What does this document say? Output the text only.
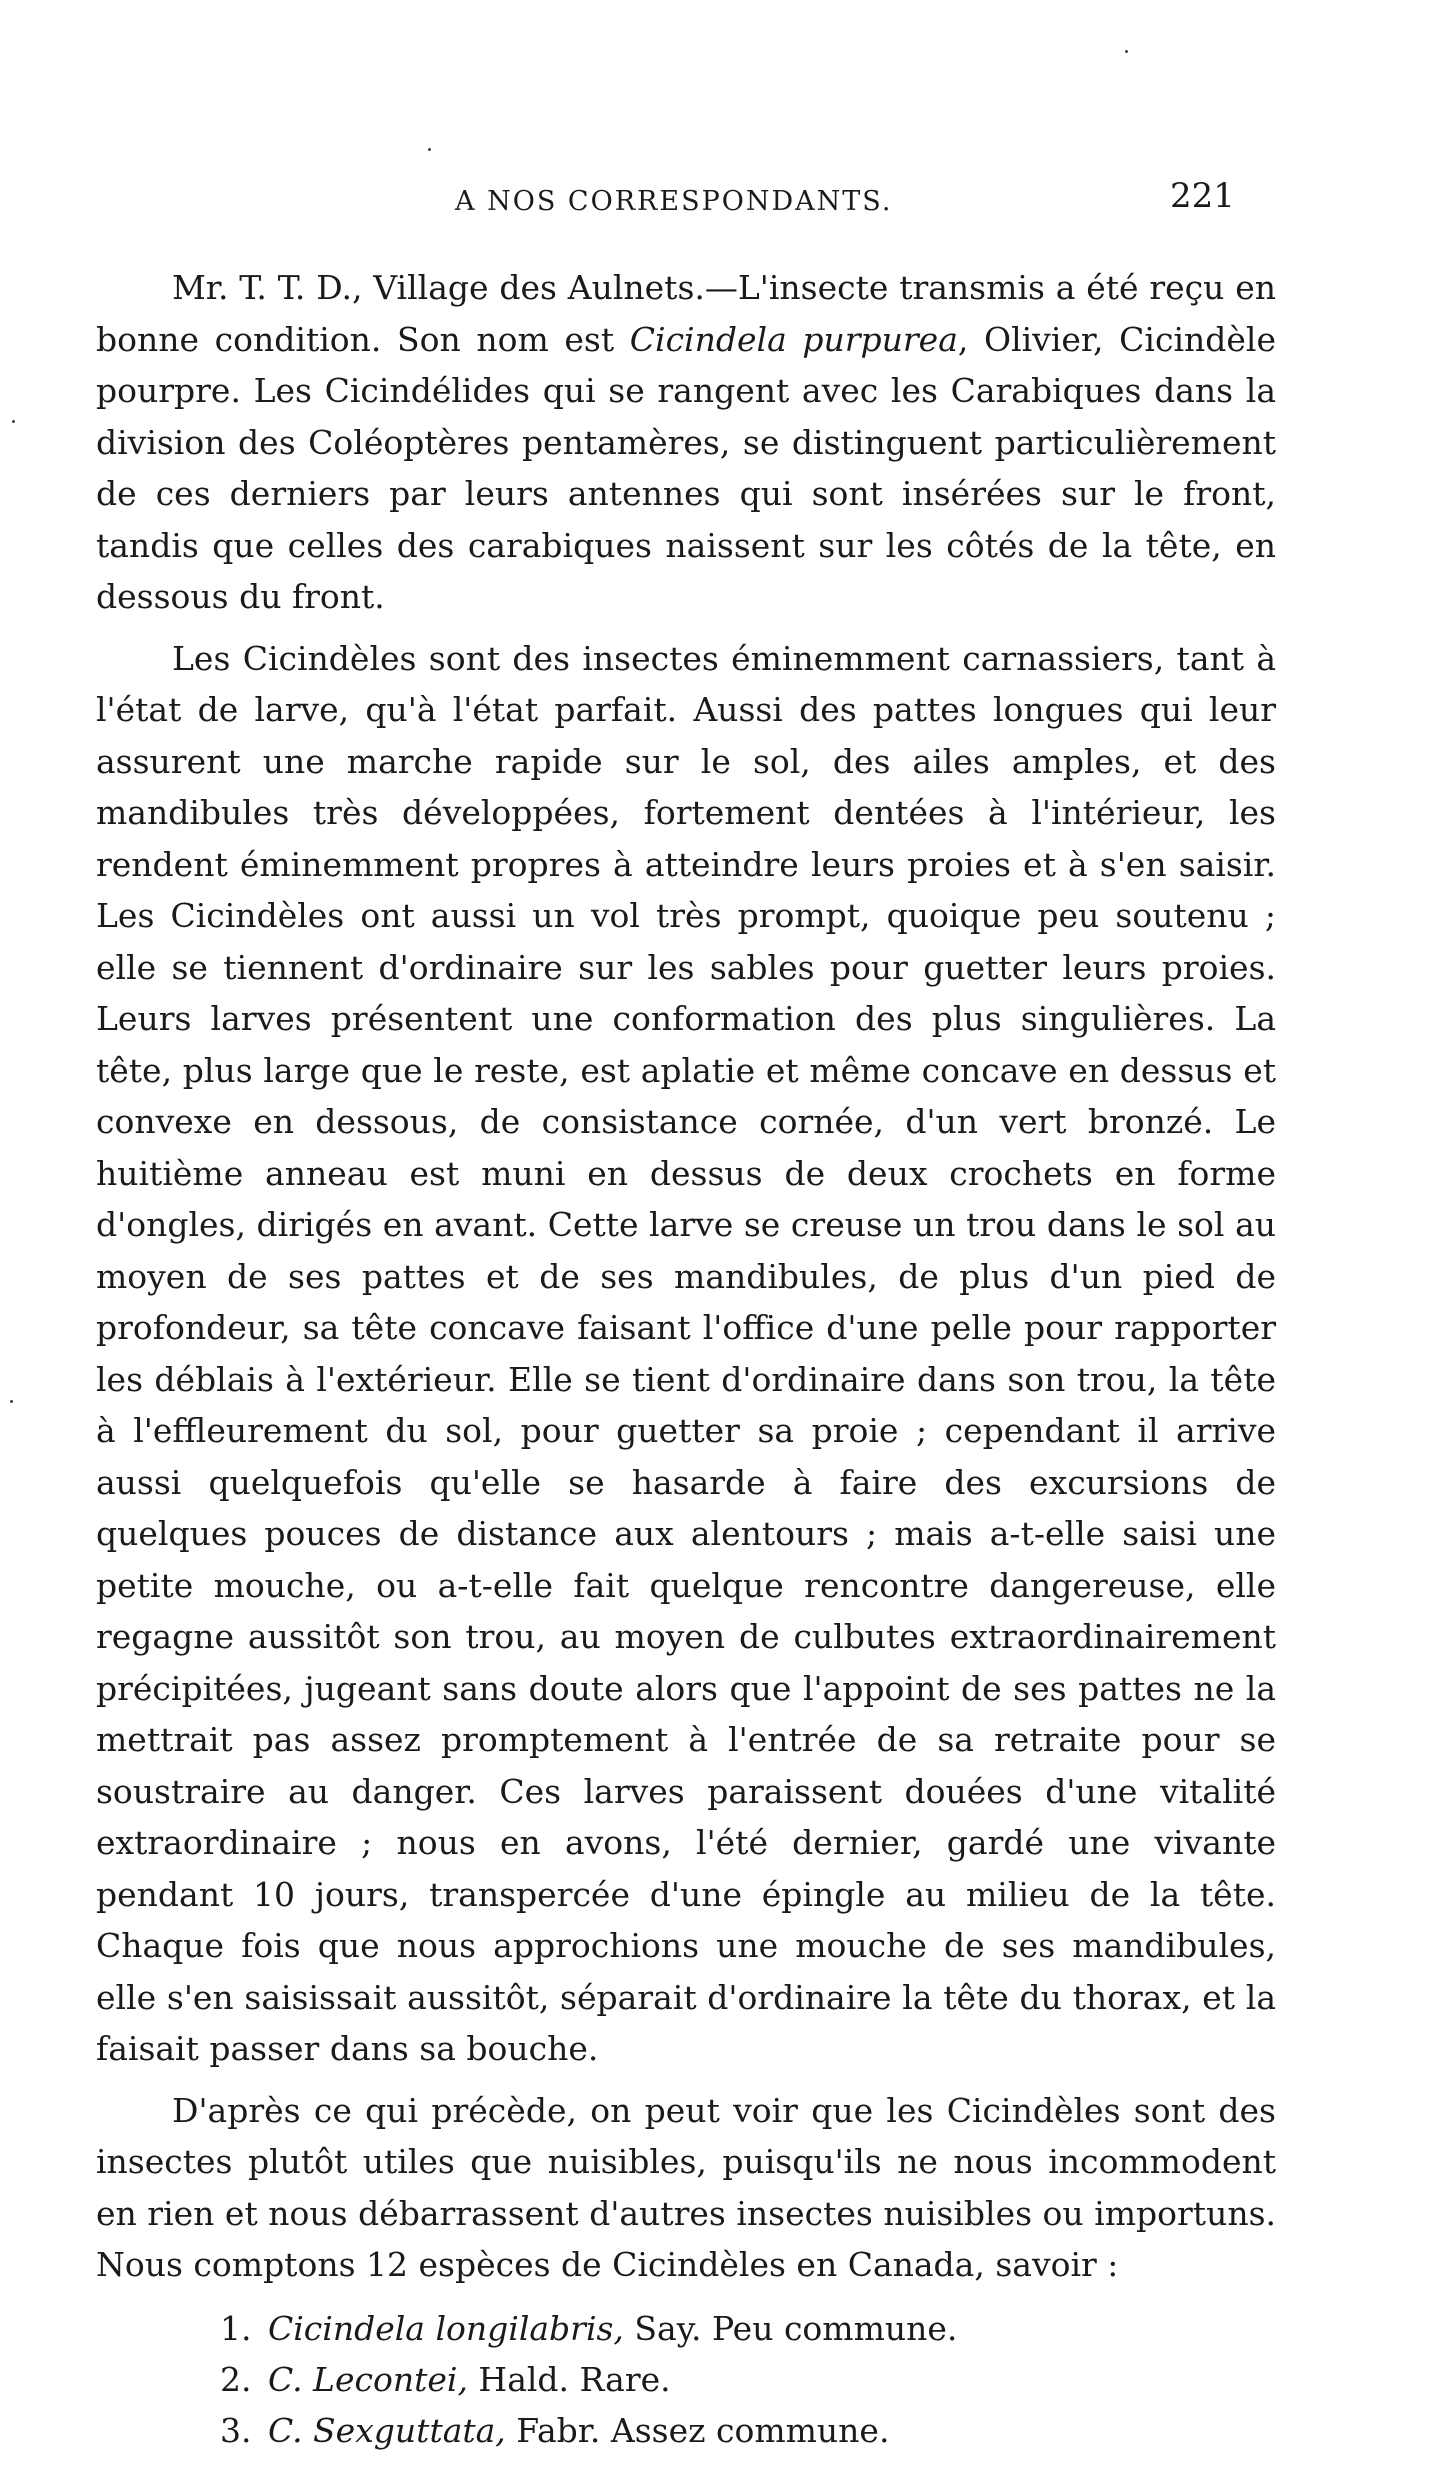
A NOS CORRESPONDANTS.	221

Mr. T. T. D., Village des Aulnets.—L'insecte transmis a été reçu en bonne condition. Son nom est Cicindela purpurea, Olivier, Cicindèle pourpre. Les Cicindélides qui se rangent avec les Carabiques dans la division des Coléoptères pentamères, se distinguent particulièrement de ces derniers par leurs antennes qui sont insérées sur le front, tandis que celles des carabiques naissent sur les côtés de la tête, en dessous du front.

Les Cicindèles sont des insectes éminemment carnassiers, tant à l'état de larve, qu'à l'état parfait. Aussi des pattes longues qui leur assurent une marche rapide sur le sol, des ailes amples, et des mandibules très développées, fortement dentées à l'intérieur, les rendent éminemment propres à atteindre leurs proies et à s'en saisir. Les Cicindèles ont aussi un vol très prompt, quoique peu soutenu ; elle se tiennent d'ordinaire sur les sables pour guetter leurs proies. Leurs larves présentent une conformation des plus singulières. La tête, plus large que le reste, est aplatie et même concave en dessus et convexe en dessous, de consistance cornée, d'un vert bronzé. Le huitième anneau est muni en dessus de deux crochets en forme d'ongles, dirigés en avant. Cette larve se creuse un trou dans le sol au moyen de ses pattes et de ses mandibules, de plus d'un pied de profondeur, sa tête concave faisant l'office d'une pelle pour rapporter les déblais à l'extérieur. Elle se tient d'ordinaire dans son trou, la tête à l'effleurement du sol, pour guetter sa proie ; cependant il arrive aussi quelquefois qu'elle se hasarde à faire des excursions de quelques pouces de distance aux alentours ; mais a-t-elle saisi une petite mouche, ou a-t-elle fait quelque rencontre dangereuse, elle regagne aussitôt son trou, au moyen de culbutes extraordinairement précipitées, jugeant sans doute alors que l'appoint de ses pattes ne la mettrait pas assez promptement à l'entrée de sa retraite pour se soustraire au danger. Ces larves paraissent douées d'une vitalité extraordinaire ; nous en avons, l'été dernier, gardé une vivante pendant 10 jours, transpercée d'une épingle au milieu de la tête. Chaque fois que nous approchions une mouche de ses mandibules, elle s'en saisissait aussitôt, séparait d'ordinaire la tête du thorax, et la faisait passer dans sa bouche.

D'après ce qui précède, on peut voir que les Cicindèles sont des insectes plutôt utiles que nuisibles, puisqu'ils ne nous incommodent en rien et nous débarrassent d'autres insectes nuisibles ou importuns. Nous comptons 12 espèces de Cicindèles en Canada, savoir :

1. Cicindela longilabris, Say. Peu commune.
2. C. Lecontei, Hald. Rare.
3. C. Sexguttata, Fabr. Assez commune.
